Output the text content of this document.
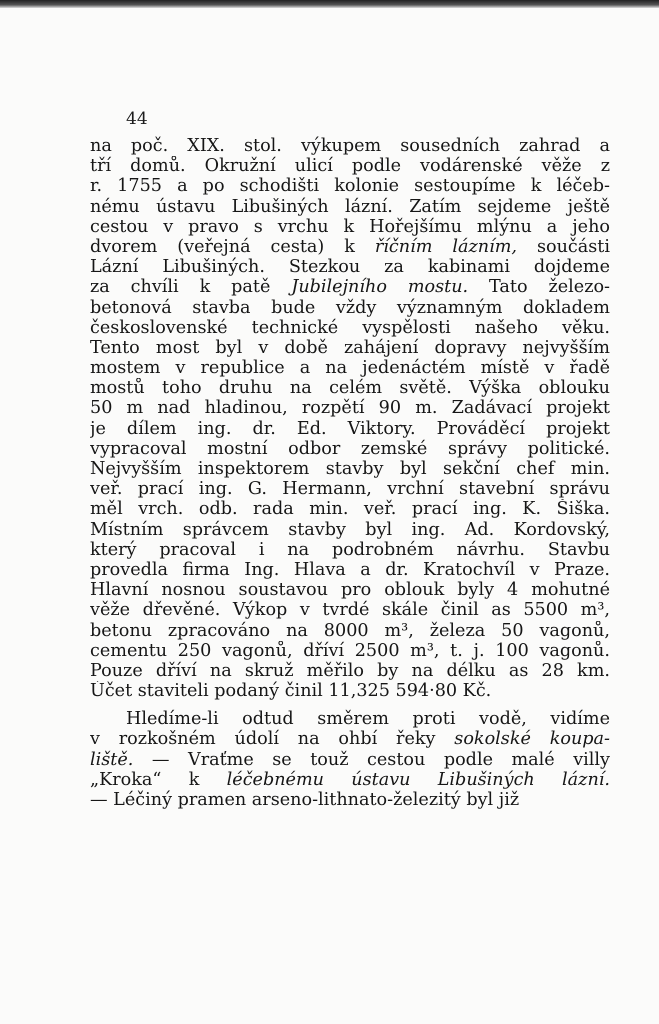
44
na poč. XIX. stol. výkupem sousedních zahrad a
tří domů. Okružní ulicí podle vodárenské věže z
r. 1755 a po schodišti kolonie sestoupíme k léčeb-
nému ústavu Libušiných lázní. Zatím sejdeme ještě
cestou v pravo s vrchu k Hořejšímu mlýnu a jeho
dvorem (veřejná cesta) k říčním lázním, součásti
Lázní Libušiných. Stezkou za kabinami dojdeme
za chvíli k patě Jubilejního mostu. Tato železo-
betonová stavba bude vždy významným dokladem
československé technické vyspělosti našeho věku.
Tento most byl v době zahájení dopravy nejvyšším
mostem v republice a na jedenáctém místě v řadě
mostů toho druhu na celém světě. Výška oblouku
50 m nad hladinou, rozpětí 90 m. Zadávací projekt
je dílem ing. dr. Ed. Viktory. Prováděcí projekt
vypracoval mostní odbor zemské správy politické.
Nejvyšším inspektorem stavby byl sekční chef min.
veř. prací ing. G. Hermann, vrchní stavební správu
měl vrch. odb. rada min. veř. prací ing. K. Šiška.
Místním správcem stavby byl ing. Ad. Kordovský,
který pracoval i na podrobném návrhu. Stavbu
provedla firma Ing. Hlava a dr. Kratochvíl v Praze.
Hlavní nosnou soustavou pro oblouk byly 4 mohutné
věže dřevěné. Výkop v tvrdé skále činil as 5500 m³,
betonu zpracováno na 8000 m³, železa 50 vagonů,
cementu 250 vagonů, dříví 2500 m³, t. j. 100 vagonů.
Pouze dříví na skruž měřilo by na délku as 28 km.
Účet staviteli podaný činil 11,325 594·80 Kč.
Hledíme-li odtud směrem proti vodě, vidíme
v rozkošném údolí na ohbí řeky sokolské koupa-
liště. — Vraťme se touž cestou podle malé villy
„Kroka“ k léčebnému ústavu Libušiných lázní.
— Léčiný pramen arseno-lithnato-železitý byl již
